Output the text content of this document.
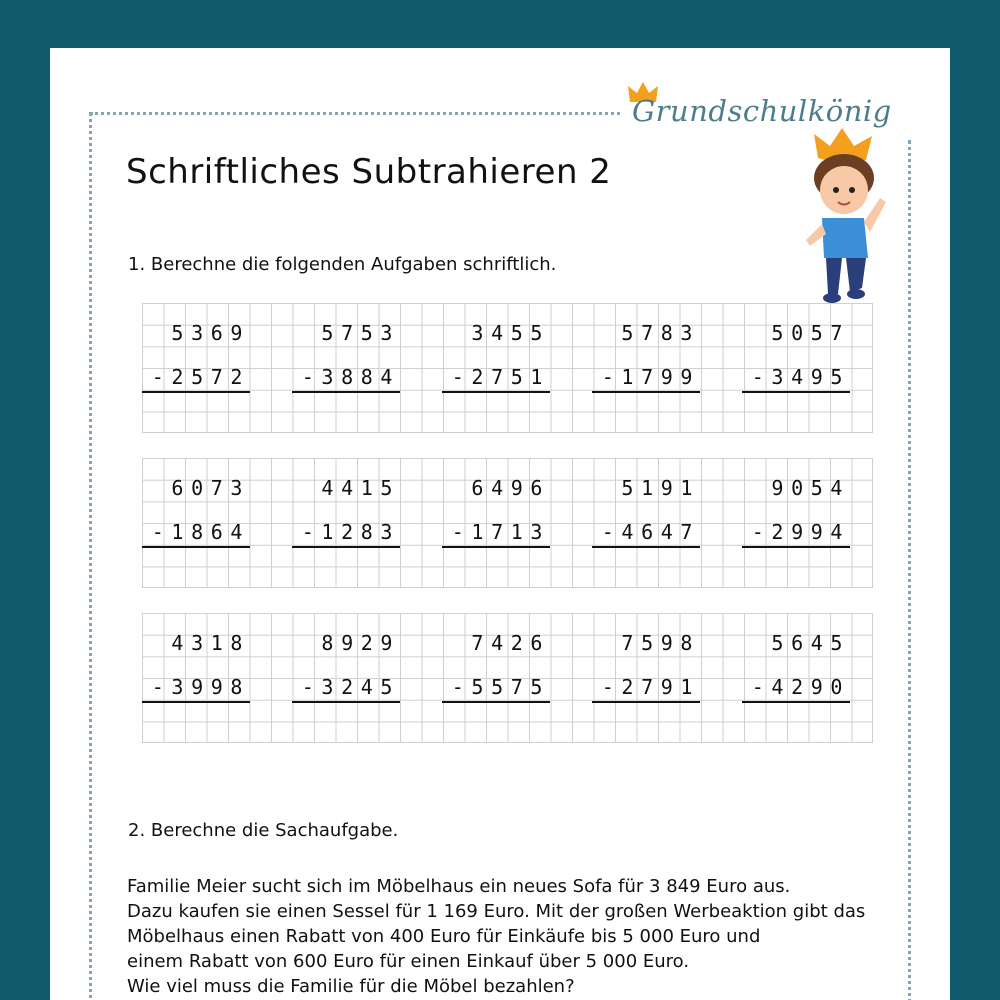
Grundschulkönig
Schriftliches Subtrahieren 2
1. Berechne die folgenden Aufgaben schriftlich.
5369
-2572
5753
-3884
3455
-2751
5783
-1799
5057
-3495
6073
-1864
4415
-1283
6496
-1713
5191
-4647
9054
-2994
4318
-3998
8929
-3245
7426
-5575
7598
-2791
5645
-4290
2. Berechne die Sachaufgabe.
Familie Meier sucht sich im Möbelhaus ein neues Sofa für 3 849 Euro aus.
Dazu kaufen sie einen Sessel für 1 169 Euro. Mit der großen Werbeaktion gibt das
Möbelhaus einen Rabatt von 400 Euro für Einkäufe bis 5 000 Euro und
einem Rabatt von 600 Euro für einen Einkauf über 5 000 Euro.
Wie viel muss die Familie für die Möbel bezahlen?
